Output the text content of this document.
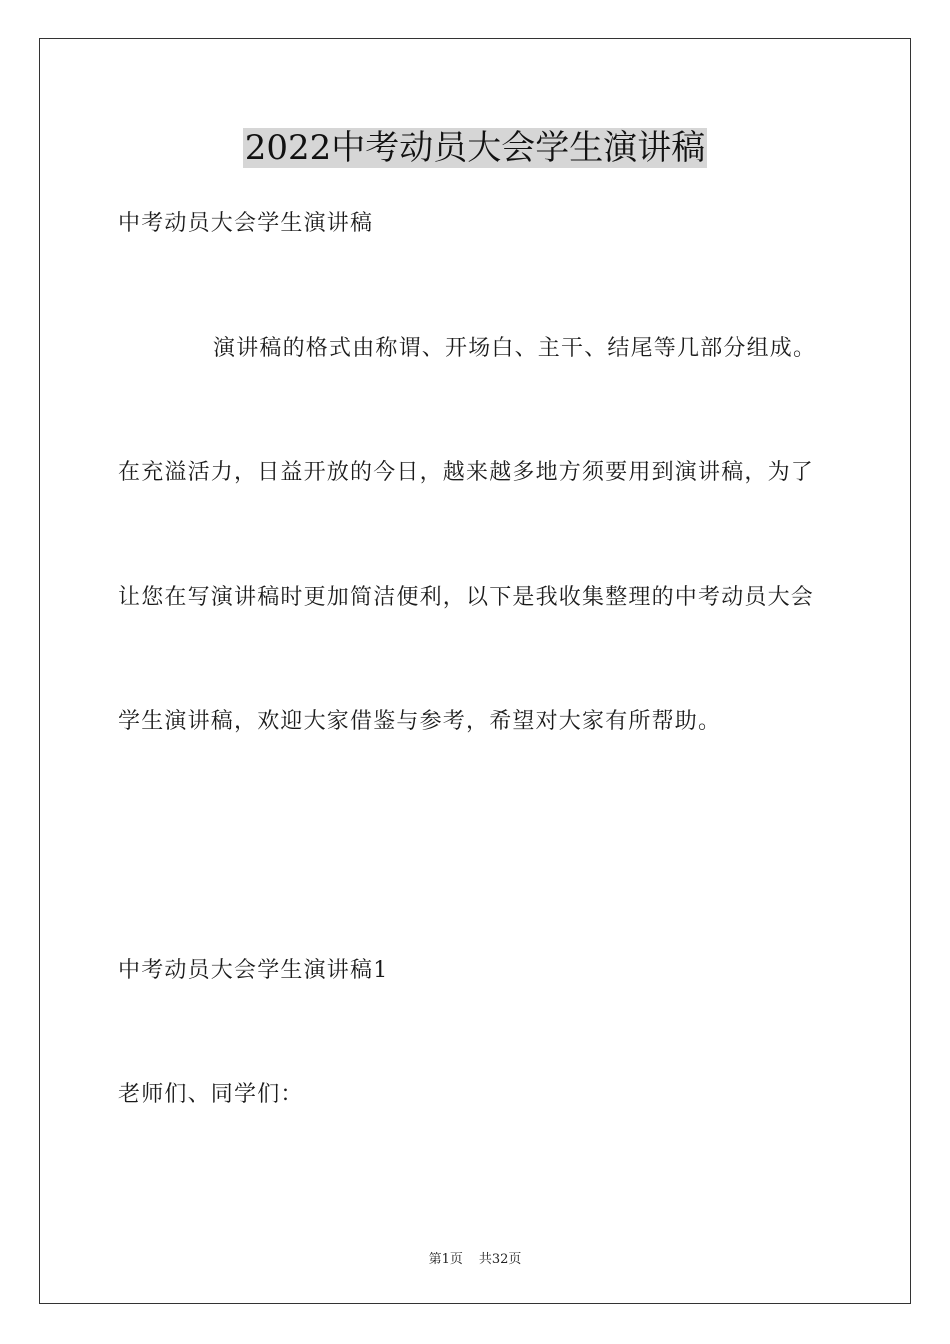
2022中考动员大会学生演讲稿
中考动员大会学生演讲稿
演讲稿的格式由称谓、开场白、主干、结尾等几部分组成。
在充溢活力，日益开放的今日，越来越多地方须要用到演讲稿，为了
让您在写演讲稿时更加简洁便利，以下是我收集整理的中考动员大会
学生演讲稿，欢迎大家借鉴与参考，希望对大家有所帮助。
中考动员大会学生演讲稿1
老师们、同学们：
第1页 共32页
